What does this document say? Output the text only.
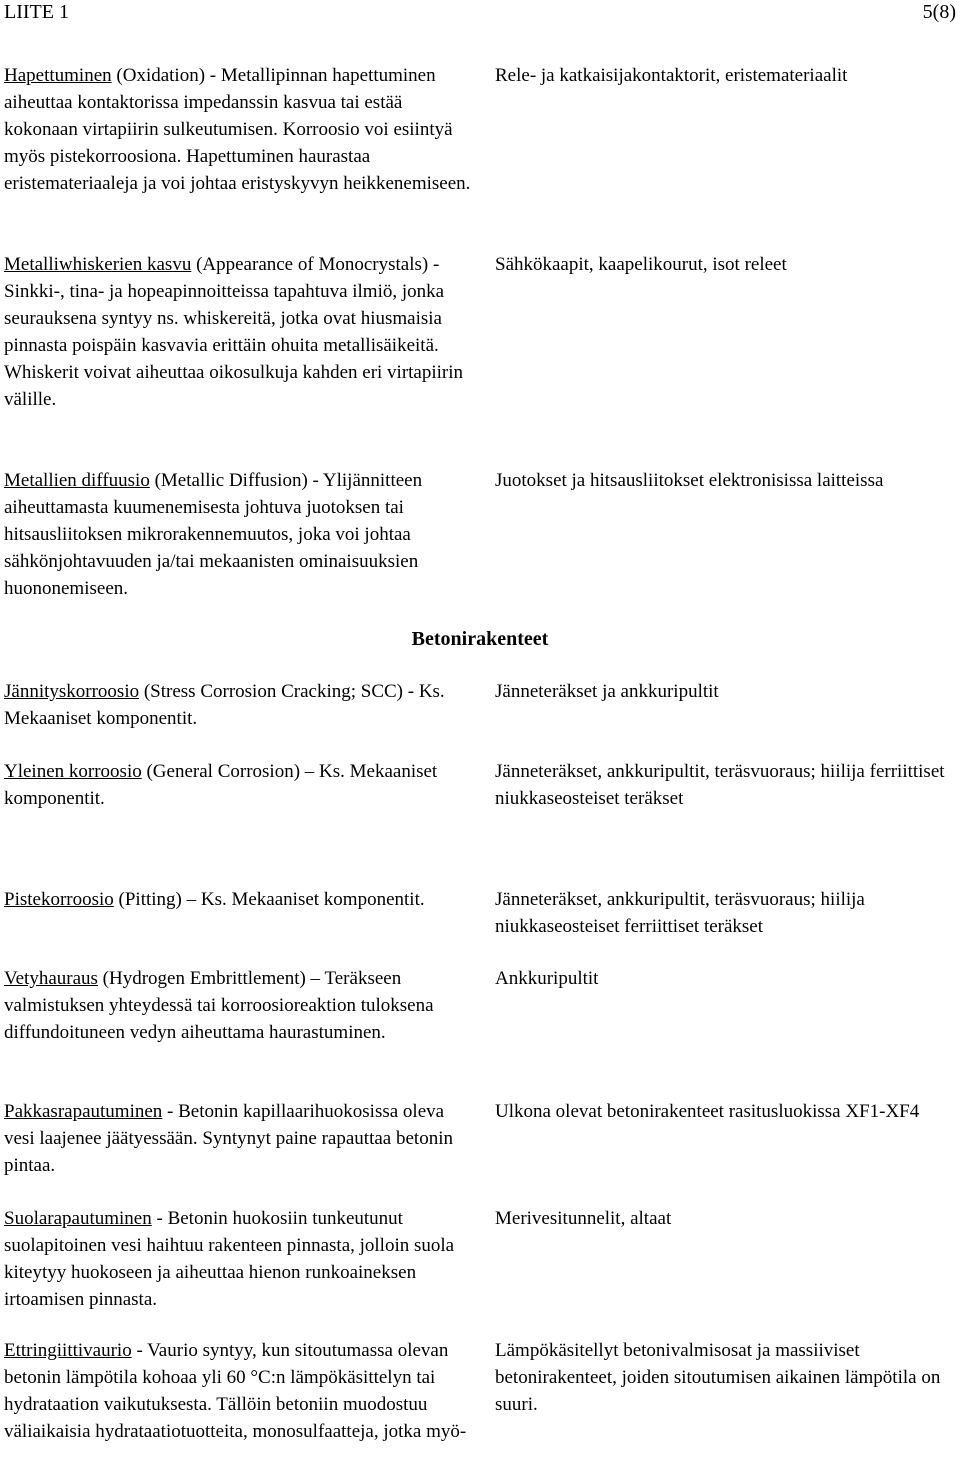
LIITE 1	5(8)

Hapettuminen (Oxidation) - Metallipinnan hapettuminen aiheuttaa kontaktorissa impedanssin kasvua tai estää kokonaan virtapiirin sulkeutumisen. Korroosio voi esiintyä myös pistekorroosiona. Hapettuminen haurastaa eristemateriaaleja ja voi johtaa eristyskyvyn heikkenemiseen.

Rele- ja katkaisijakontaktorit, eristemateriaalit

Metalliwhiskerien kasvu (Appearance of Monocrystals) - Sinkki-, tina- ja hopeapinnoitteissa tapahtuva ilmiö, jonka seurauksena syntyy ns. whiskereitä, jotka ovat hiusmaisia pinnasta poispäin kasvavia erittäin ohuita metallisäikeitä. Whiskerit voivat aiheuttaa oikosulkuja kahden eri virtapiirin välille.

Sähkökaapit, kaapelikourut, isot releet

Metallien diffuusio (Metallic Diffusion) - Ylijännitteen aiheuttamasta kuumenemisesta johtuva juotoksen tai hitsausliitoksen mikrorakennemuutos, joka voi johtaa sähkönjohtavuuden ja/tai mekaanisten ominaisuuksien huononemiseen.

Juotokset ja hitsausliitokset elektronisissa laitteissa

Betonirakenteet

Jännityskorroosio (Stress Corrosion Cracking; SCC) - Ks. Mekaaniset komponentit.

Jänneteräkset ja ankkuripultit

Yleinen korroosio (General Corrosion) – Ks. Mekaaniset komponentit.

Jänneteräkset, ankkuripultit, teräsvuoraus; hiilija ferriittiset niukkaseosteiset teräkset

Pistekorroosio (Pitting) – Ks. Mekaaniset komponentit.	Jänneteräkset, ankkuripultit, teräsvuoraus; hiilija niukkaseosteiset ferriittiset teräkset

Vetyhauraus (Hydrogen Embrittlement) – Teräkseen valmistuksen yhteydessä tai korroosioreaktion tuloksena diffundoituneen vedyn aiheuttama haurastuminen.

Ankkuripultit

Pakkasrapautuminen - Betonin kapillaarihuokosissa oleva vesi laajenee jäätyessään. Syntynyt paine rapauttaa betonin pintaa.

Ulkona olevat betonirakenteet rasitusluokissa XF1-XF4

Suolarapautuminen - Betonin huokosiin tunkeutunut suolapitoinen vesi haihtuu rakenteen pinnasta, jolloin suola kiteytyy huokoseen ja aiheuttaa hienon runkoaineksen irtoamisen pinnasta.

Merivesitunnelit, altaat

Ettringiittivaurio - Vaurio syntyy, kun sitoutumassa olevan betonin lämpötila kohoaa yli 60 °C:n lämpökäsittelyn tai hydrataation vaikutuksesta. Tällöin betoniin muodostuu väliaikaisia hydrataatiotuotteita, monosulfaatteja, jotka myö-

Lämpökäsitellyt betonivalmisosat ja massiiviset betonirakenteet, joiden sitoutumisen aikainen lämpötila on suuri.
